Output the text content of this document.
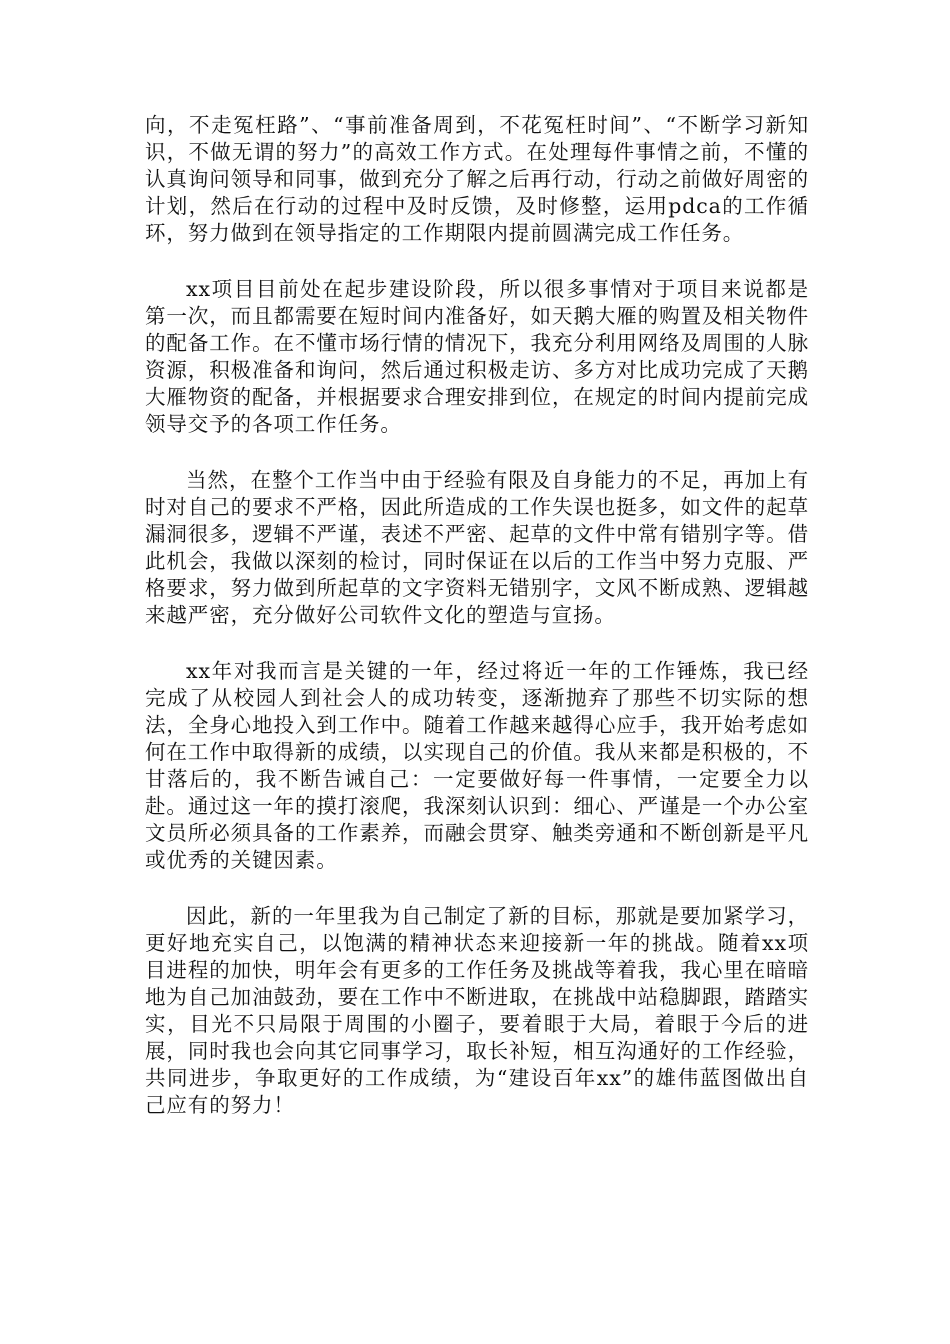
向，不走冤枉路”、“事前准备周到，不花冤枉时间”、“不断学习新知识，不做无谓的努力”的高效工作方式。在处理每件事情之前，不懂的认真询问领导和同事，做到充分了解之后再行动，行动之前做好周密的计划，然后在行动的过程中及时反馈，及时修整，运用pdca的工作循环，努力做到在领导指定的工作期限内提前圆满完成工作任务。

xx项目目前处在起步建设阶段，所以很多事情对于项目来说都是第一次，而且都需要在短时间内准备好，如天鹅大雁的购置及相关物件的配备工作。在不懂市场行情的情况下，我充分利用网络及周围的人脉资源，积极准备和询问，然后通过积极走访、多方对比成功完成了天鹅大雁物资的配备，并根据要求合理安排到位，在规定的时间内提前完成领导交予的各项工作任务。

当然，在整个工作当中由于经验有限及自身能力的不足，再加上有时对自己的要求不严格，因此所造成的工作失误也挺多，如文件的起草漏洞很多，逻辑不严谨，表述不严密、起草的文件中常有错别字等。借此机会，我做以深刻的检讨，同时保证在以后的工作当中努力克服、严格要求，努力做到所起草的文字资料无错别字，文风不断成熟、逻辑越来越严密，充分做好公司软件文化的塑造与宣扬。

xx年对我而言是关键的一年，经过将近一年的工作锤炼，我已经完成了从校园人到社会人的成功转变，逐渐抛弃了那些不切实际的想法，全身心地投入到工作中。随着工作越来越得心应手，我开始考虑如何在工作中取得新的成绩，以实现自己的价值。我从来都是积极的，不甘落后的，我不断告诫自己：一定要做好每一件事情，一定要全力以赴。通过这一年的摸打滚爬，我深刻认识到：细心、严谨是一个办公室文员所必须具备的工作素养，而融会贯穿、触类旁通和不断创新是平凡或优秀的关键因素。

因此，新的一年里我为自己制定了新的目标，那就是要加紧学习，更好地充实自己，以饱满的精神状态来迎接新一年的挑战。随着xx项目进程的加快，明年会有更多的工作任务及挑战等着我，我心里在暗暗地为自己加油鼓劲，要在工作中不断进取，在挑战中站稳脚跟，踏踏实实，目光不只局限于周围的小圈子，要着眼于大局，着眼于今后的进展，同时我也会向其它同事学习，取长补短，相互沟通好的工作经验，共同进步，争取更好的工作成绩，为“建设百年xx”的雄伟蓝图做出自己应有的努力！
